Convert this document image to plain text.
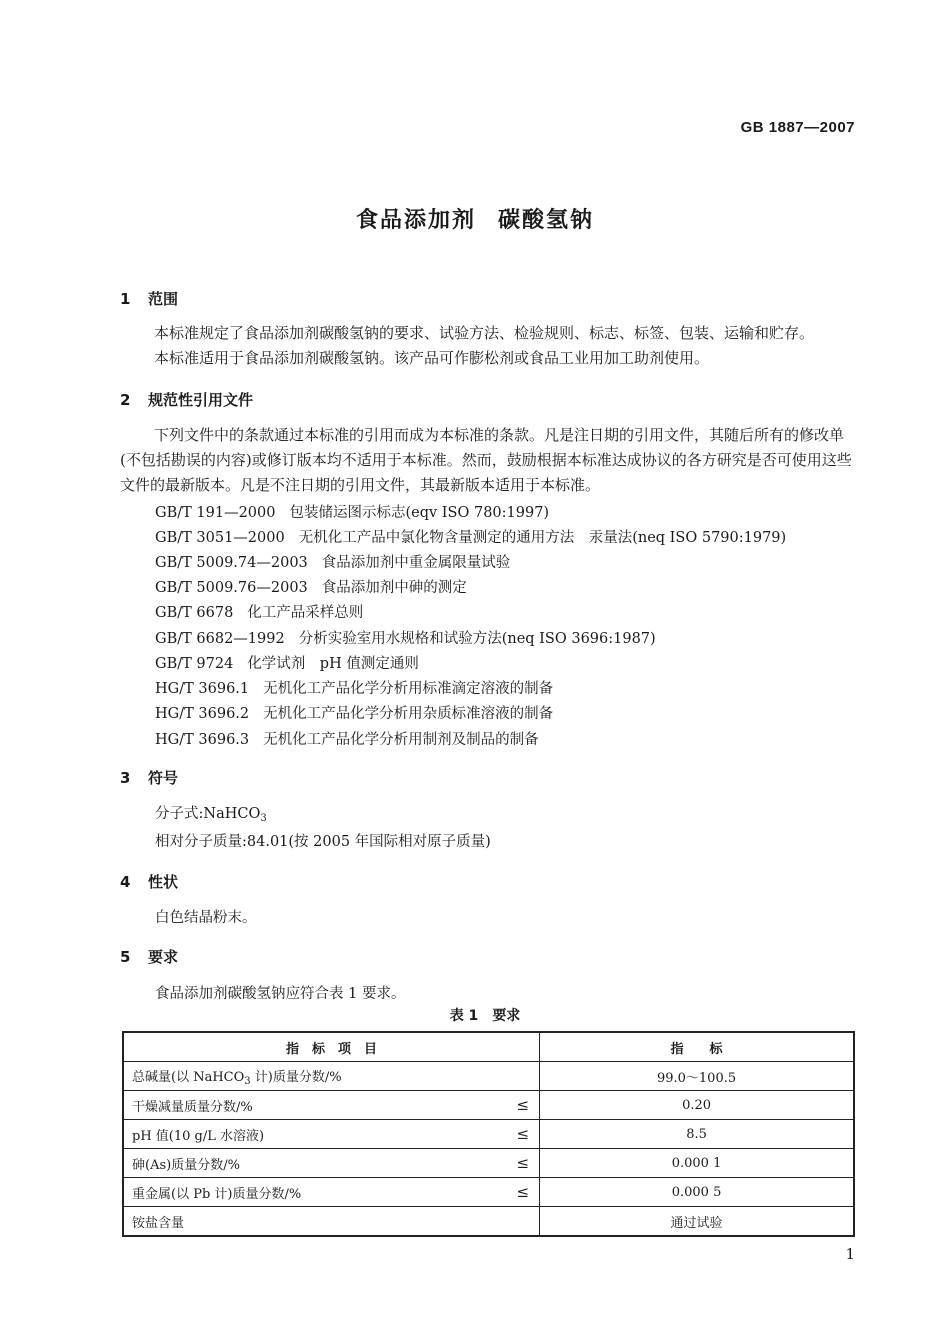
GB 1887—2007
食品添加剂 碳酸氢钠
1 范围
本标准规定了食品添加剂碳酸氢钠的要求、试验方法、检验规则、标志、标签、包装、运输和贮存。
本标准适用于食品添加剂碳酸氢钠。该产品可作膨松剂或食品工业用加工助剂使用。
2 规范性引用文件
下列文件中的条款通过本标准的引用而成为本标准的条款。凡是注日期的引用文件，其随后所有的修改单(不包括勘误的内容)或修订版本均不适用于本标准。然而，鼓励根据本标准达成协议的各方研究是否可使用这些文件的最新版本。凡是不注日期的引用文件，其最新版本适用于本标准。
GB/T 191—2000 包装储运图示标志(eqv ISO 780:1997)
GB/T 3051—2000 无机化工产品中氯化物含量测定的通用方法　汞量法(neq ISO 5790:1979)
GB/T 5009.74—2003 食品添加剂中重金属限量试验
GB/T 5009.76—2003 食品添加剂中砷的测定
GB/T 6678 化工产品采样总则
GB/T 6682—1992 分析实验室用水规格和试验方法(neq ISO 3696:1987)
GB/T 9724 化学试剂　pH 值测定通则
HG/T 3696.1 无机化工产品化学分析用标准滴定溶液的制备
HG/T 3696.2 无机化工产品化学分析用杂质标准溶液的制备
HG/T 3696.3 无机化工产品化学分析用制剂及制品的制备
3 符号
分子式:NaHCO$_3$
相对分子质量:84.01(按 2005 年国际相对原子质量)
4 性状
白色结晶粉末。
5 要求
食品添加剂碳酸氢钠应符合表 1 要求。
表 1 要求
指　标　项　目	指　　标
总碱量(以 NaHCO$_3$ 计)质量分数/%	99.0～100.5
干燥减量质量分数/% ≤	0.20
pH 值(10 g/L 水溶液) ≤	8.5
砷(As)质量分数/% ≤	0.000 1
重金属(以 Pb 计)质量分数/% ≤	0.000 5
铵盐含量	通过试验
1
